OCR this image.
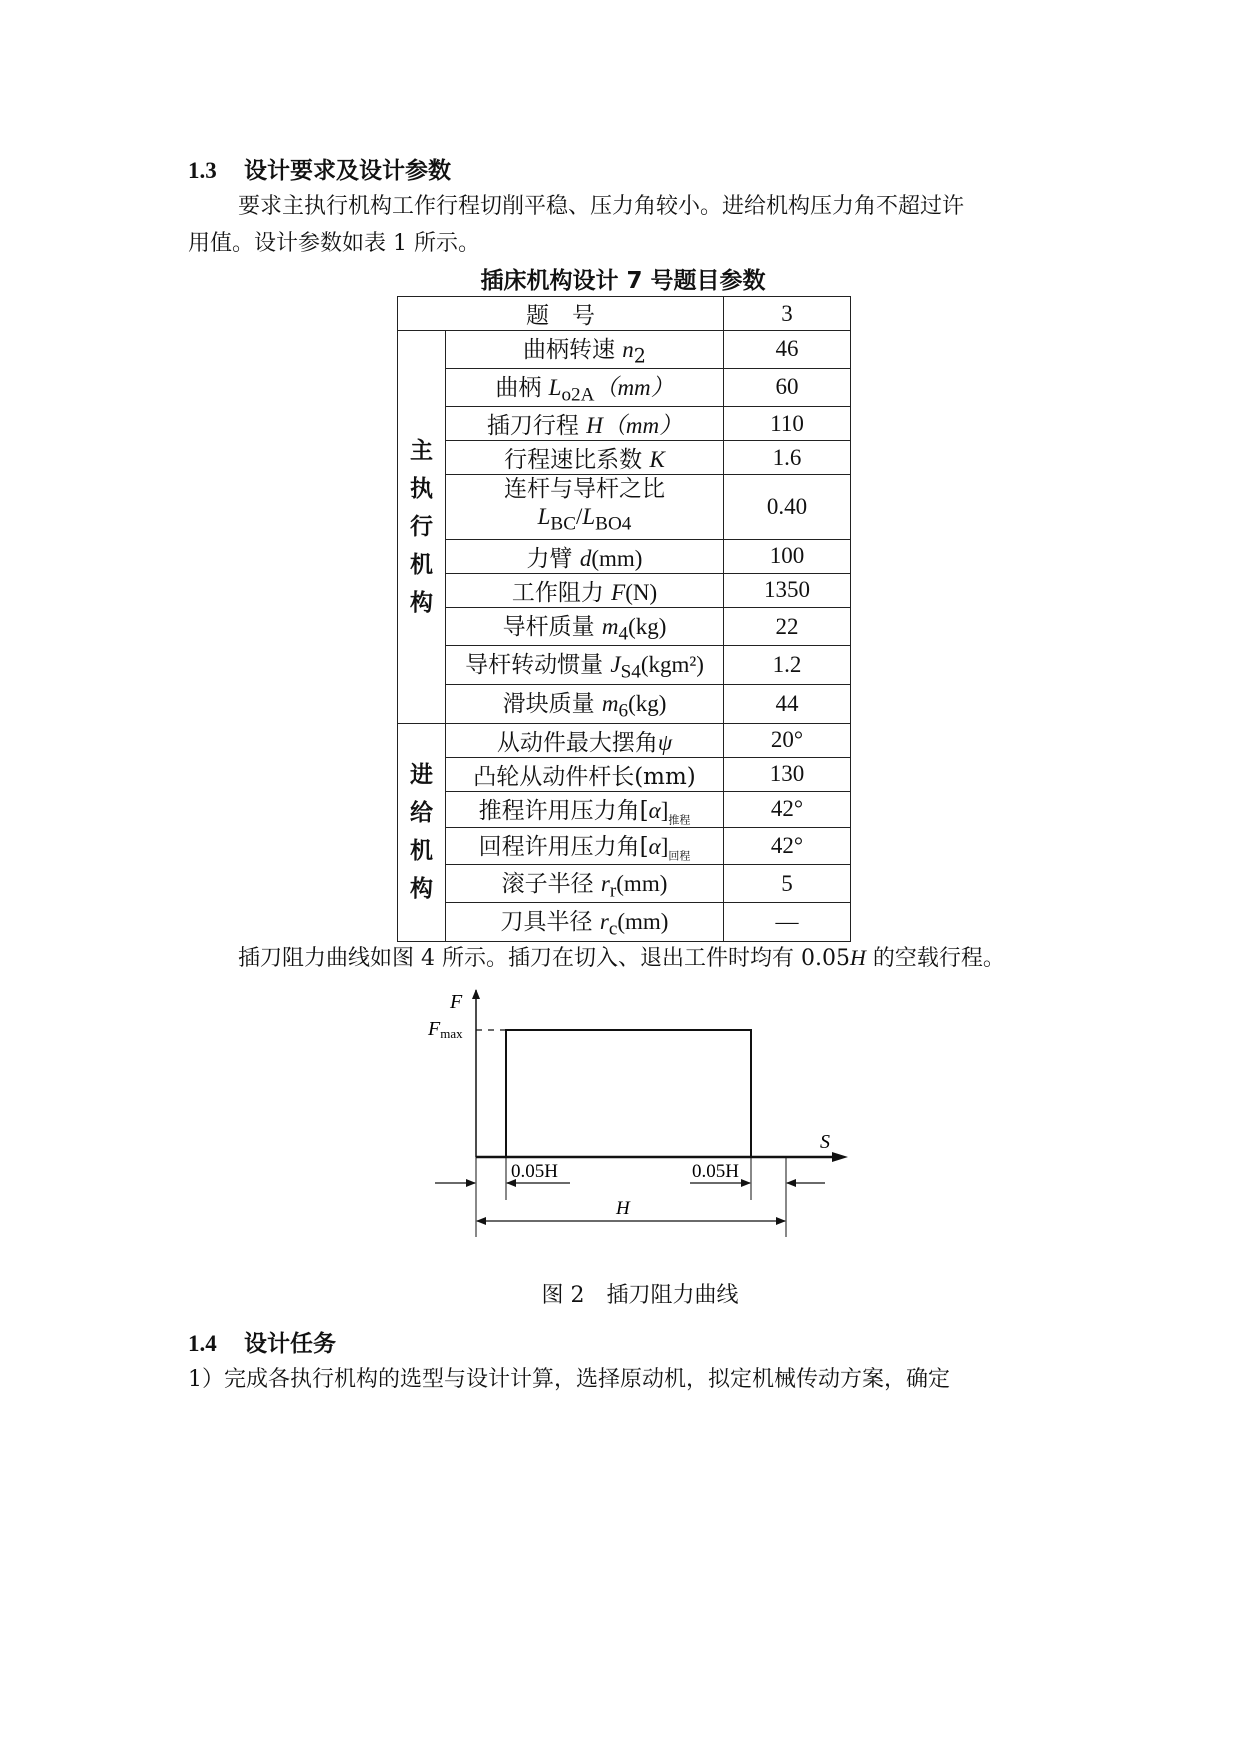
1.3 设计要求及设计参数
要求主执行机构工作行程切削平稳、压力角较小。进给机构压力角不超过许
用值。设计参数如表 1 所示。
插床机构设计 7 号题目参数
题　号		3

主
执
行
机
构	曲柄转速 $n_2$	46
	曲柄 $L_{o2A}(mm)$	60
	插刀行程 H（mm）	110
	行程速比系数 K	1.6
	连杆与导杆之比
$L_{BC}/L_{BO4}$	0.40
	力臂 d(mm)	100
	工作阻力 F(N)	1350
	导杆质量 $m_4(kg)$	22
	导杆转动惯量 $J_{S4}(kgm^2)$	1.2
	滑块质量 $m_6(kg)$	44

进
给
机
构	从动件最大摆角ψ	20°
	凸轮从动件杆长(mm)	130
	推程许用压力角$[\alpha]_{推程}$	42°
	回程许用压力角$[\alpha]_{回程}$	42°
	滚子半径 $r_r(mm)$	5
	刀具半径 $r_c(mm)$	—
插刀阻力曲线如图 4 所示。插刀在切入、退出工件时均有 0.05H 的空载行程。
F
Fmax
S
0.05H	0.05H
H
图 2　插刀阻力曲线
1.4 设计任务
1）完成各执行机构的选型与设计计算，选择原动机，拟定机械传动方案，确定
